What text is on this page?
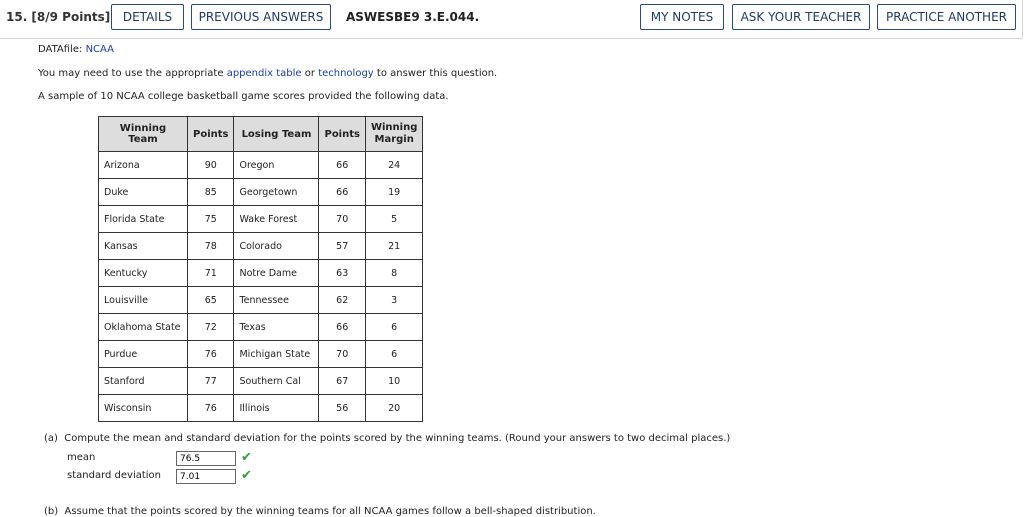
15. [8/9 Points]	DETAILS	PREVIOUS ANSWERS	ASWESBE9 3.E.044.	MY NOTES	ASK YOUR TEACHER	PRACTICE ANOTHER
DATAfile: NCAA
You may need to use the appropriate appendix table or technology to answer this question.
A sample of 10 NCAA college basketball game scores provided the following data.
Winning Team	Points	Losing Team	Points	Winning Margin
Arizona	90	Oregon	66	24
Duke	85	Georgetown	66	19
Florida State	75	Wake Forest	70	5
Kansas	78	Colorado	57	21
Kentucky	71	Notre Dame	63	8
Louisville	65	Tennessee	62	3
Oklahoma State	72	Texas	66	6
Purdue	76	Michigan State	70	6
Stanford	77	Southern Cal	67	10
Wisconsin	76	Illinois	56	20
(a) Compute the mean and standard deviation for the points scored by the winning teams. (Round your answers to two decimal places.)
mean
76.5	✔
standard deviation
7.01	✔
(b) Assume that the points scored by the winning teams for all NCAA games follow a bell-shaped distribution.
